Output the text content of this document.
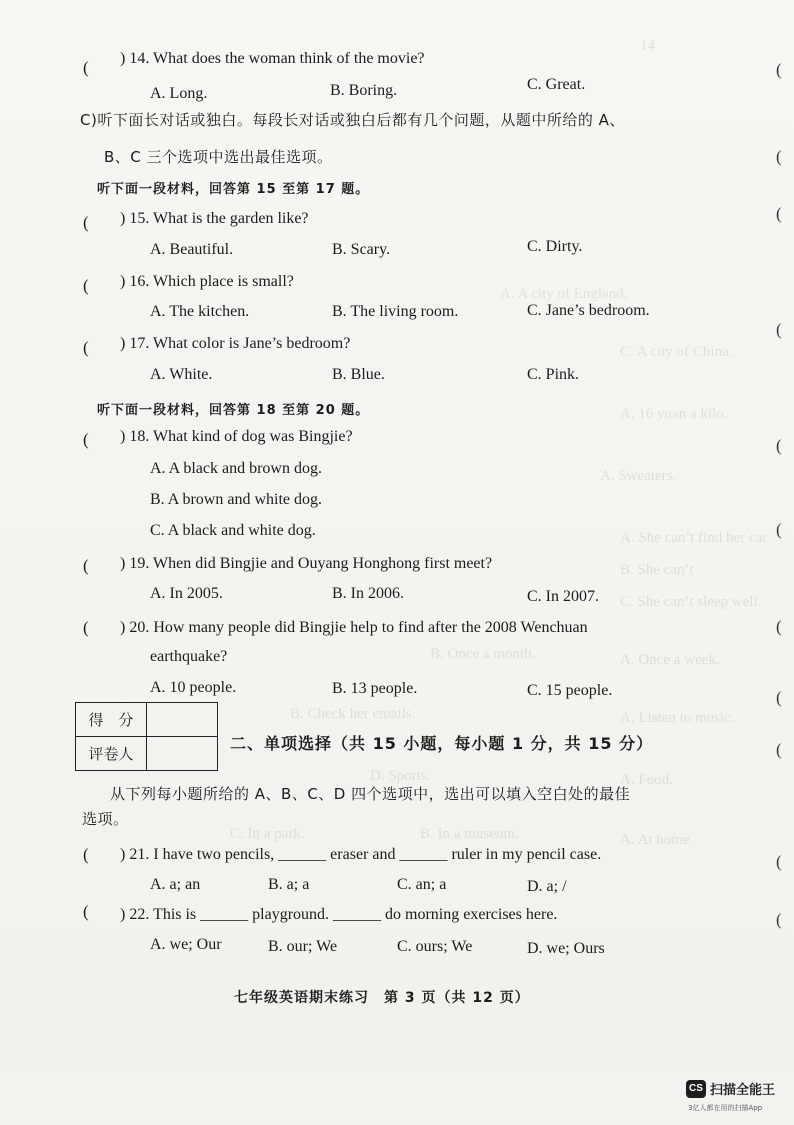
14
A. A city of England.
C. A city of China.
A. 16 yuan a kilo.
A. Sweaters.
A. She can’t find her car.
B. She can’t
C. She can’t sleep well.
A. Once a week.
B. Once a month.
A. Listen to music.
B. Check her emails.
A. Food.
D. Sports.
A. At home.
B. In a museum.
C. In a park.
(
(
(
(
(
(
(
(
(
(
(
( ) 14. What does the woman think of the movie?
A. Long.	B. Boring.	C. Great.
C)听下面长对话或独白。每段长对话或独白后都有几个问题，从题中所给的 A、
B、C 三个选项中选出最佳选项。
听下面一段材料，回答第 15 至第 17 题。
( ) 15. What is the garden like?
A. Beautiful.	B. Scary.	C. Dirty.
( ) 16. Which place is small?
A. The kitchen.	B. The living room.	C. Jane’s bedroom.
( ) 17. What color is Jane’s bedroom?
A. White.	B. Blue.	C. Pink.
听下面一段材料，回答第 18 至第 20 题。
( ) 18. What kind of dog was Bingjie?
A. A black and brown dog.
B. A brown and white dog.
C. A black and white dog.
( ) 19. When did Bingjie and Ouyang Honghong first meet?
A. In 2005.	B. In 2006.	C. In 2007.
( ) 20. How many people did Bingjie help to find after the 2008 Wenchuan
earthquake?
A. 10 people.	B. 13 people.	C. 15 people.
得　分	
评卷人	
二、单项选择（共 15 小题，每小题 1 分，共 15 分）
从下列每小题所给的 A、B、C、D 四个选项中，选出可以填入空白处的最佳
选项。
( ) 21. I have two pencils, ______ eraser and ______ ruler in my pencil case.
A. a; an	B. a; a	C. an; a	D. a; /
( ) 22. This is ______ playground. ______ do morning exercises here.
A. we; Our	B. our; We	C. ours; We	D. we; Ours
七年级英语期末练习　第 3 页（共 12 页）
CS 扫描全能王
3亿人都在用的扫描App
